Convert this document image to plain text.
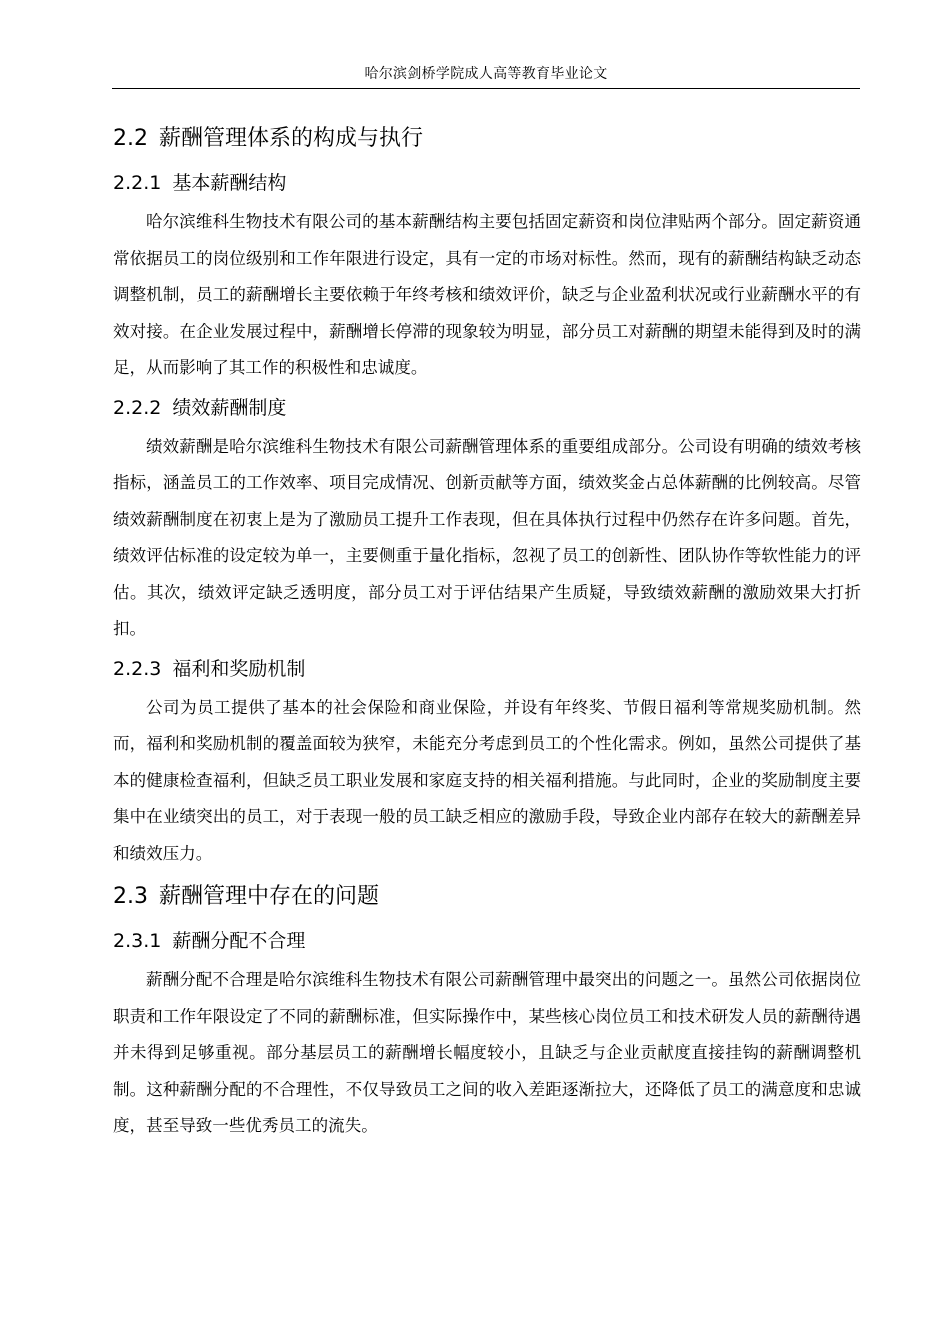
哈尔滨剑桥学院成人高等教育毕业论文
2.2 薪酬管理体系的构成与执行
2.2.1 基本薪酬结构

哈尔滨维科生物技术有限公司的基本薪酬结构主要包括固定薪资和岗位津贴两个部分。固定薪资通常依据员工的岗位级别和工作年限进行设定，具有一定的市场对标性。然而，现有的薪酬结构缺乏动态调整机制，员工的薪酬增长主要依赖于年终考核和绩效评价，缺乏与企业盈利状况或行业薪酬水平的有效对接。在企业发展过程中，薪酬增长停滞的现象较为明显，部分员工对薪酬的期望未能得到及时的满足，从而影响了其工作的积极性和忠诚度。

2.2.2 绩效薪酬制度

绩效薪酬是哈尔滨维科生物技术有限公司薪酬管理体系的重要组成部分。公司设有明确的绩效考核指标，涵盖员工的工作效率、项目完成情况、创新贡献等方面，绩效奖金占总体薪酬的比例较高。尽管绩效薪酬制度在初衷上是为了激励员工提升工作表现，但在具体执行过程中仍然存在许多问题。首先，绩效评估标准的设定较为单一，主要侧重于量化指标，忽视了员工的创新性、团队协作等软性能力的评估。其次，绩效评定缺乏透明度，部分员工对于评估结果产生质疑，导致绩效薪酬的激励效果大打折扣。

2.2.3 福利和奖励机制

公司为员工提供了基本的社会保险和商业保险，并设有年终奖、节假日福利等常规奖励机制。然而，福利和奖励机制的覆盖面较为狭窄，未能充分考虑到员工的个性化需求。例如，虽然公司提供了基本的健康检查福利，但缺乏员工职业发展和家庭支持的相关福利措施。与此同时，企业的奖励制度主要集中在业绩突出的员工，对于表现一般的员工缺乏相应的激励手段，导致企业内部存在较大的薪酬差异和绩效压力。

2.3 薪酬管理中存在的问题
2.3.1 薪酬分配不合理

薪酬分配不合理是哈尔滨维科生物技术有限公司薪酬管理中最突出的问题之一。虽然公司依据岗位职责和工作年限设定了不同的薪酬标准，但实际操作中，某些核心岗位员工和技术研发人员的薪酬待遇并未得到足够重视。部分基层员工的薪酬增长幅度较小，且缺乏与企业贡献度直接挂钩的薪酬调整机制。这种薪酬分配的不合理性，不仅导致员工之间的收入差距逐渐拉大，还降低了员工的满意度和忠诚度，甚至导致一些优秀员工的流失。
